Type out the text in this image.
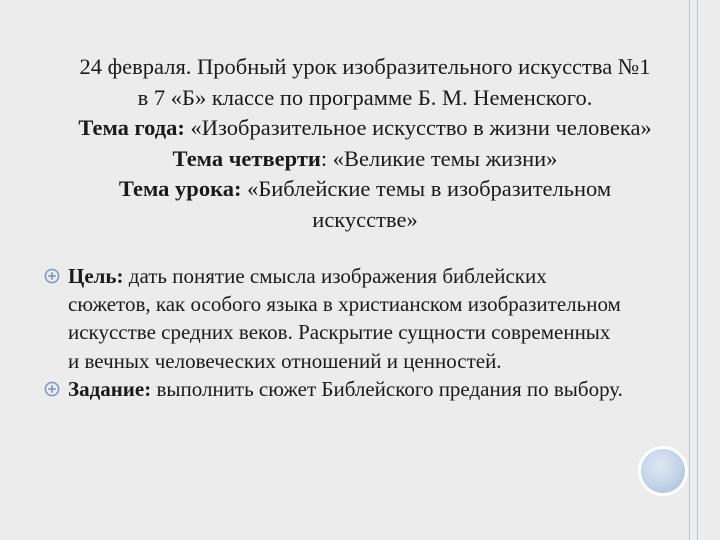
24 февраля. Пробный урок изобразительного искусства №1
в 7 «Б» классе по программе Б. М. Неменского.
Тема года: «Изобразительное искусство в жизни человека»
Тема четверти: «Великие темы жизни»
Тема урока: «Библейские темы в изобразительном
искусстве»
Цель: дать понятие смысла изображения библейских
сюжетов, как особого языка в христианском изобразительном
искусстве средних веков. Раскрытие сущности современных
и вечных человеческих отношений и ценностей.
Задание: выполнить сюжет Библейского предания по выбору.
